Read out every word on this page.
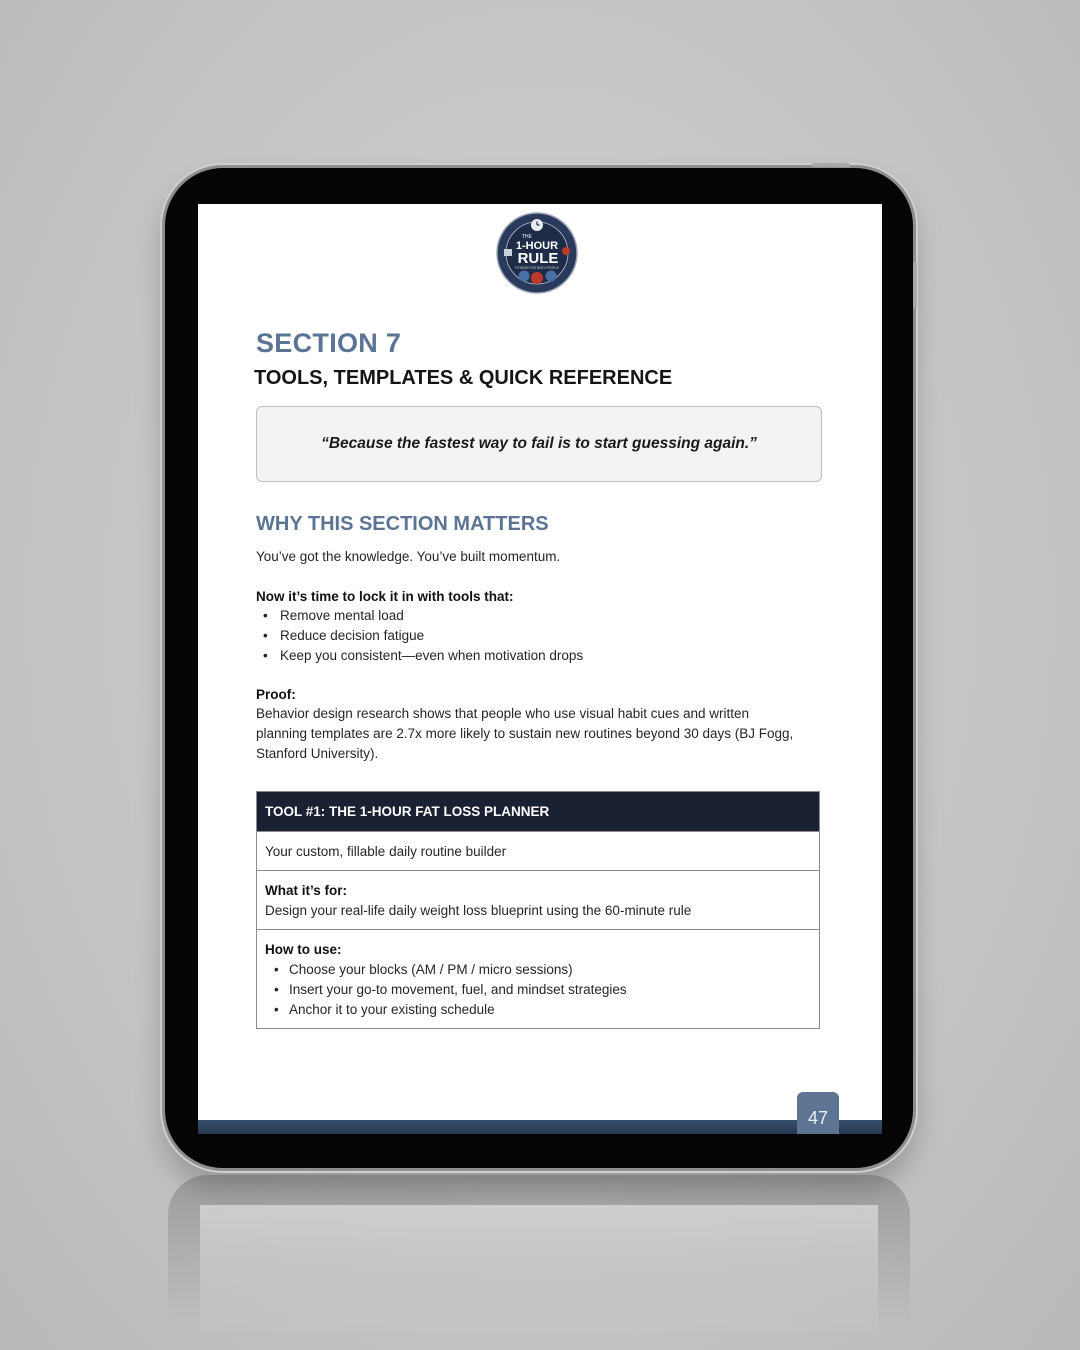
THE
1-HOUR
RULE
FITNESS FOR BUSY PEOPLE
SECTION 7
TOOLS, TEMPLATES & QUICK REFERENCE
“Because the fastest way to fail is to start guessing again.”
WHY THIS SECTION MATTERS
You’ve got the knowledge. You’ve built momentum.
Now it’s time to lock it in with tools that:
• Remove mental load
• Reduce decision fatigue
• Keep you consistent—even when motivation drops
Proof:
Behavior design research shows that people who use visual habit cues and written
planning templates are 2.7x more likely to sustain new routines beyond 30 days (BJ Fogg,
Stanford University).
TOOL #1: THE 1-HOUR FAT LOSS PLANNER
Your custom, fillable daily routine builder
What it’s for:
Design your real-life daily weight loss blueprint using the 60-minute rule
How to use:
• Choose your blocks (AM / PM / micro sessions)
• Insert your go-to movement, fuel, and mindset strategies
• Anchor it to your existing schedule
47
